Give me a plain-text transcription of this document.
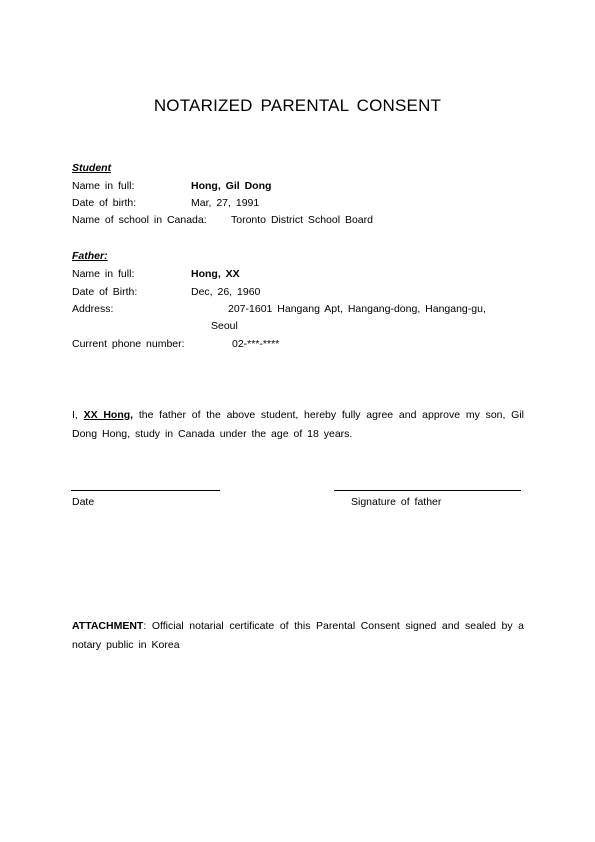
NOTARIZED PARENTAL CONSENT
Student
Name in full:	Hong, Gil Dong
Date of birth:	Mar, 27, 1991
Name of school in Canada: Toronto District School Board
Father:
Name in full:	Hong, XX
Date of Birth:	Dec, 26, 1960
Address:	207-1601 Hangang Apt, Hangang-dong, Hangang-gu,
Seoul
Current phone number:	02-***-****
I, XX Hong, the father of the above student, hereby fully agree and approve my son, Gil Dong Hong, study in Canada under the age of 18 years.
Date	Signature of father
ATTACHMENT: Official notarial certificate of this Parental Consent signed and sealed by a notary public in Korea
